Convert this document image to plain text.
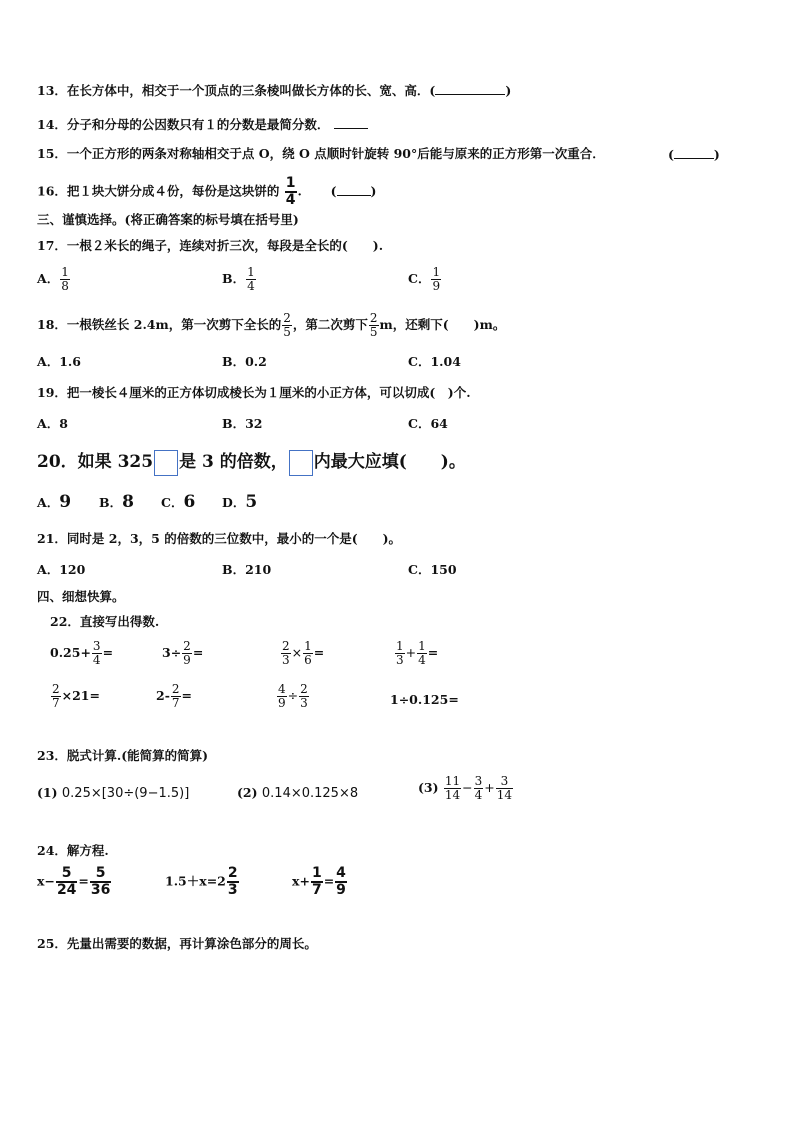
13．在长方体中，相交于一个顶点的三条棱叫做长方体的长、宽、高．(	)
14．分子和分母的公因数只有１的分数是最简分数．
15．一个正方形的两条对称轴相交于点 O，绕 O 点顺时针旋转 90°后能与原来的正方形第一次重合．	(	)
16．把１块大饼分成４份，每份是这块饼的 $\frac{1}{4}$ . (	)
三、谨慎选择。(将正确答案的标号填在括号里)
17．一根２米长的绳子，连续对折三次，每段是全长的(　　).
A． $\frac{1}{8}$	B． $\frac{1}{4}$	C． $\frac{1}{9}$
18．一根铁丝长 2.4m，第一次剪下全长的 $\frac{2}{5}$ ，第二次剪下 $\frac{2}{5}$ m，还剩下(　　)m。
A．1.6	B．0.2	C．1.04
19．把一棱长４厘米的正方体切成棱长为１厘米的小正方体，可以切成(　)个.
A．8	B．32	C．64
20．如果 325 是 3 的倍数， 内最大应填(　　)。
A．9 B．8 C．6 D．5
21．同时是 2，3，5 的倍数的三位数中，最小的一个是(　　)。
A．120	B．210	C．150
四、细想快算。
22．直接写出得数.
$0.25+ \frac{3}{4}$ =	$3\div \frac{2}{9}$ =	$\frac{2}{3} \times \frac{1}{6}$ =	$\frac{1}{3} + \frac{1}{4}$ =
$\frac{2}{7} \times 21=$	$2- \frac{2}{7}$ =	$\frac{4}{9} \div \frac{2}{3}$	1÷0.125=
23．脱式计算.(能简算的简算)
(1) 0.25×[30÷(9−1.5)]	(2) 0.14×0.125×8	$(3) \frac{11}{14} - \frac{3}{4} + \frac{3}{14}$
24．解方程.
$x- \frac{5}{24} = \frac{5}{36}$	$1.5+x=2 \frac{2}{3}$	$x+ \frac{1}{7} = \frac{4}{9}$
25．先量出需要的数据，再计算涂色部分的周长。
